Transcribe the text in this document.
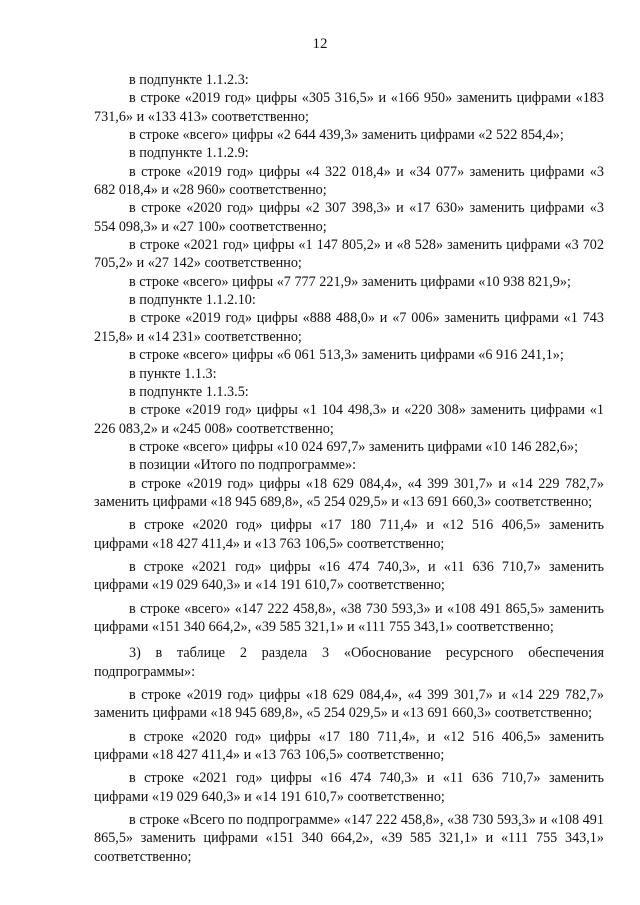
12

в подпункте 1.1.2.3:

в строке «2019 год» цифры «305 316,5» и «166 950» заменить цифрами «183 731,6» и «133 413» соответственно;

в строке «всего» цифры «2 644 439,3» заменить цифрами «2 522 854,4»;

в подпункте 1.1.2.9:

в строке «2019 год» цифры «4 322 018,4» и «34 077» заменить цифрами «3 682 018,4» и «28 960» соответственно;

в строке «2020 год» цифры «2 307 398,3» и «17 630» заменить цифрами «3 554 098,3» и «27 100» соответственно;

в строке «2021 год» цифры «1 147 805,2» и «8 528» заменить цифрами «3 702 705,2» и «27 142» соответственно;

в строке «всего» цифры «7 777 221,9» заменить цифрами «10 938 821,9»;

в подпункте 1.1.2.10:

в строке «2019 год» цифры «888 488,0» и «7 006» заменить цифрами «1 743 215,8» и «14 231» соответственно;

в строке «всего» цифры «6 061 513,3» заменить цифрами «6 916 241,1»;

в пункте 1.1.3:

в подпункте 1.1.3.5:

в строке «2019 год» цифры «1 104 498,3» и «220 308» заменить цифрами «1 226 083,2» и «245 008» соответственно;

в строке «всего» цифры «10 024 697,7» заменить цифрами «10 146 282,6»;

в позиции «Итого по подпрограмме»:

в строке «2019 год» цифры «18 629 084,4», «4 399 301,7» и «14 229 782,7» заменить цифрами «18 945 689,8», «5 254 029,5» и «13 691 660,3» соответственно;

в строке «2020 год» цифры «17 180 711,4» и «12 516 406,5» заменить цифрами «18 427 411,4» и «13 763 106,5» соответственно;

в строке «2021 год» цифры «16 474 740,3», и «11 636 710,7» заменить цифрами «19 029 640,3» и «14 191 610,7» соответственно;

в строке «всего» «147 222 458,8», «38 730 593,3» и «108 491 865,5» заменить цифрами «151 340 664,2», «39 585 321,1» и «111 755 343,1» соответственно;

3) в таблице 2 раздела 3 «Обоснование ресурсного обеспечения подпрограммы»:

в строке «2019 год» цифры «18 629 084,4», «4 399 301,7» и «14 229 782,7» заменить цифрами «18 945 689,8», «5 254 029,5» и «13 691 660,3» соответственно;

в строке «2020 год» цифры «17 180 711,4», и «12 516 406,5» заменить цифрами «18 427 411,4» и «13 763 106,5» соответственно;

в строке «2021 год» цифры «16 474 740,3» и «11 636 710,7» заменить цифрами «19 029 640,3» и «14 191 610,7» соответственно;

в строке «Всего по подпрограмме» «147 222 458,8», «38 730 593,3» и «108 491 865,5» заменить цифрами «151 340 664,2», «39 585 321,1» и «111 755 343,1» соответственно;
